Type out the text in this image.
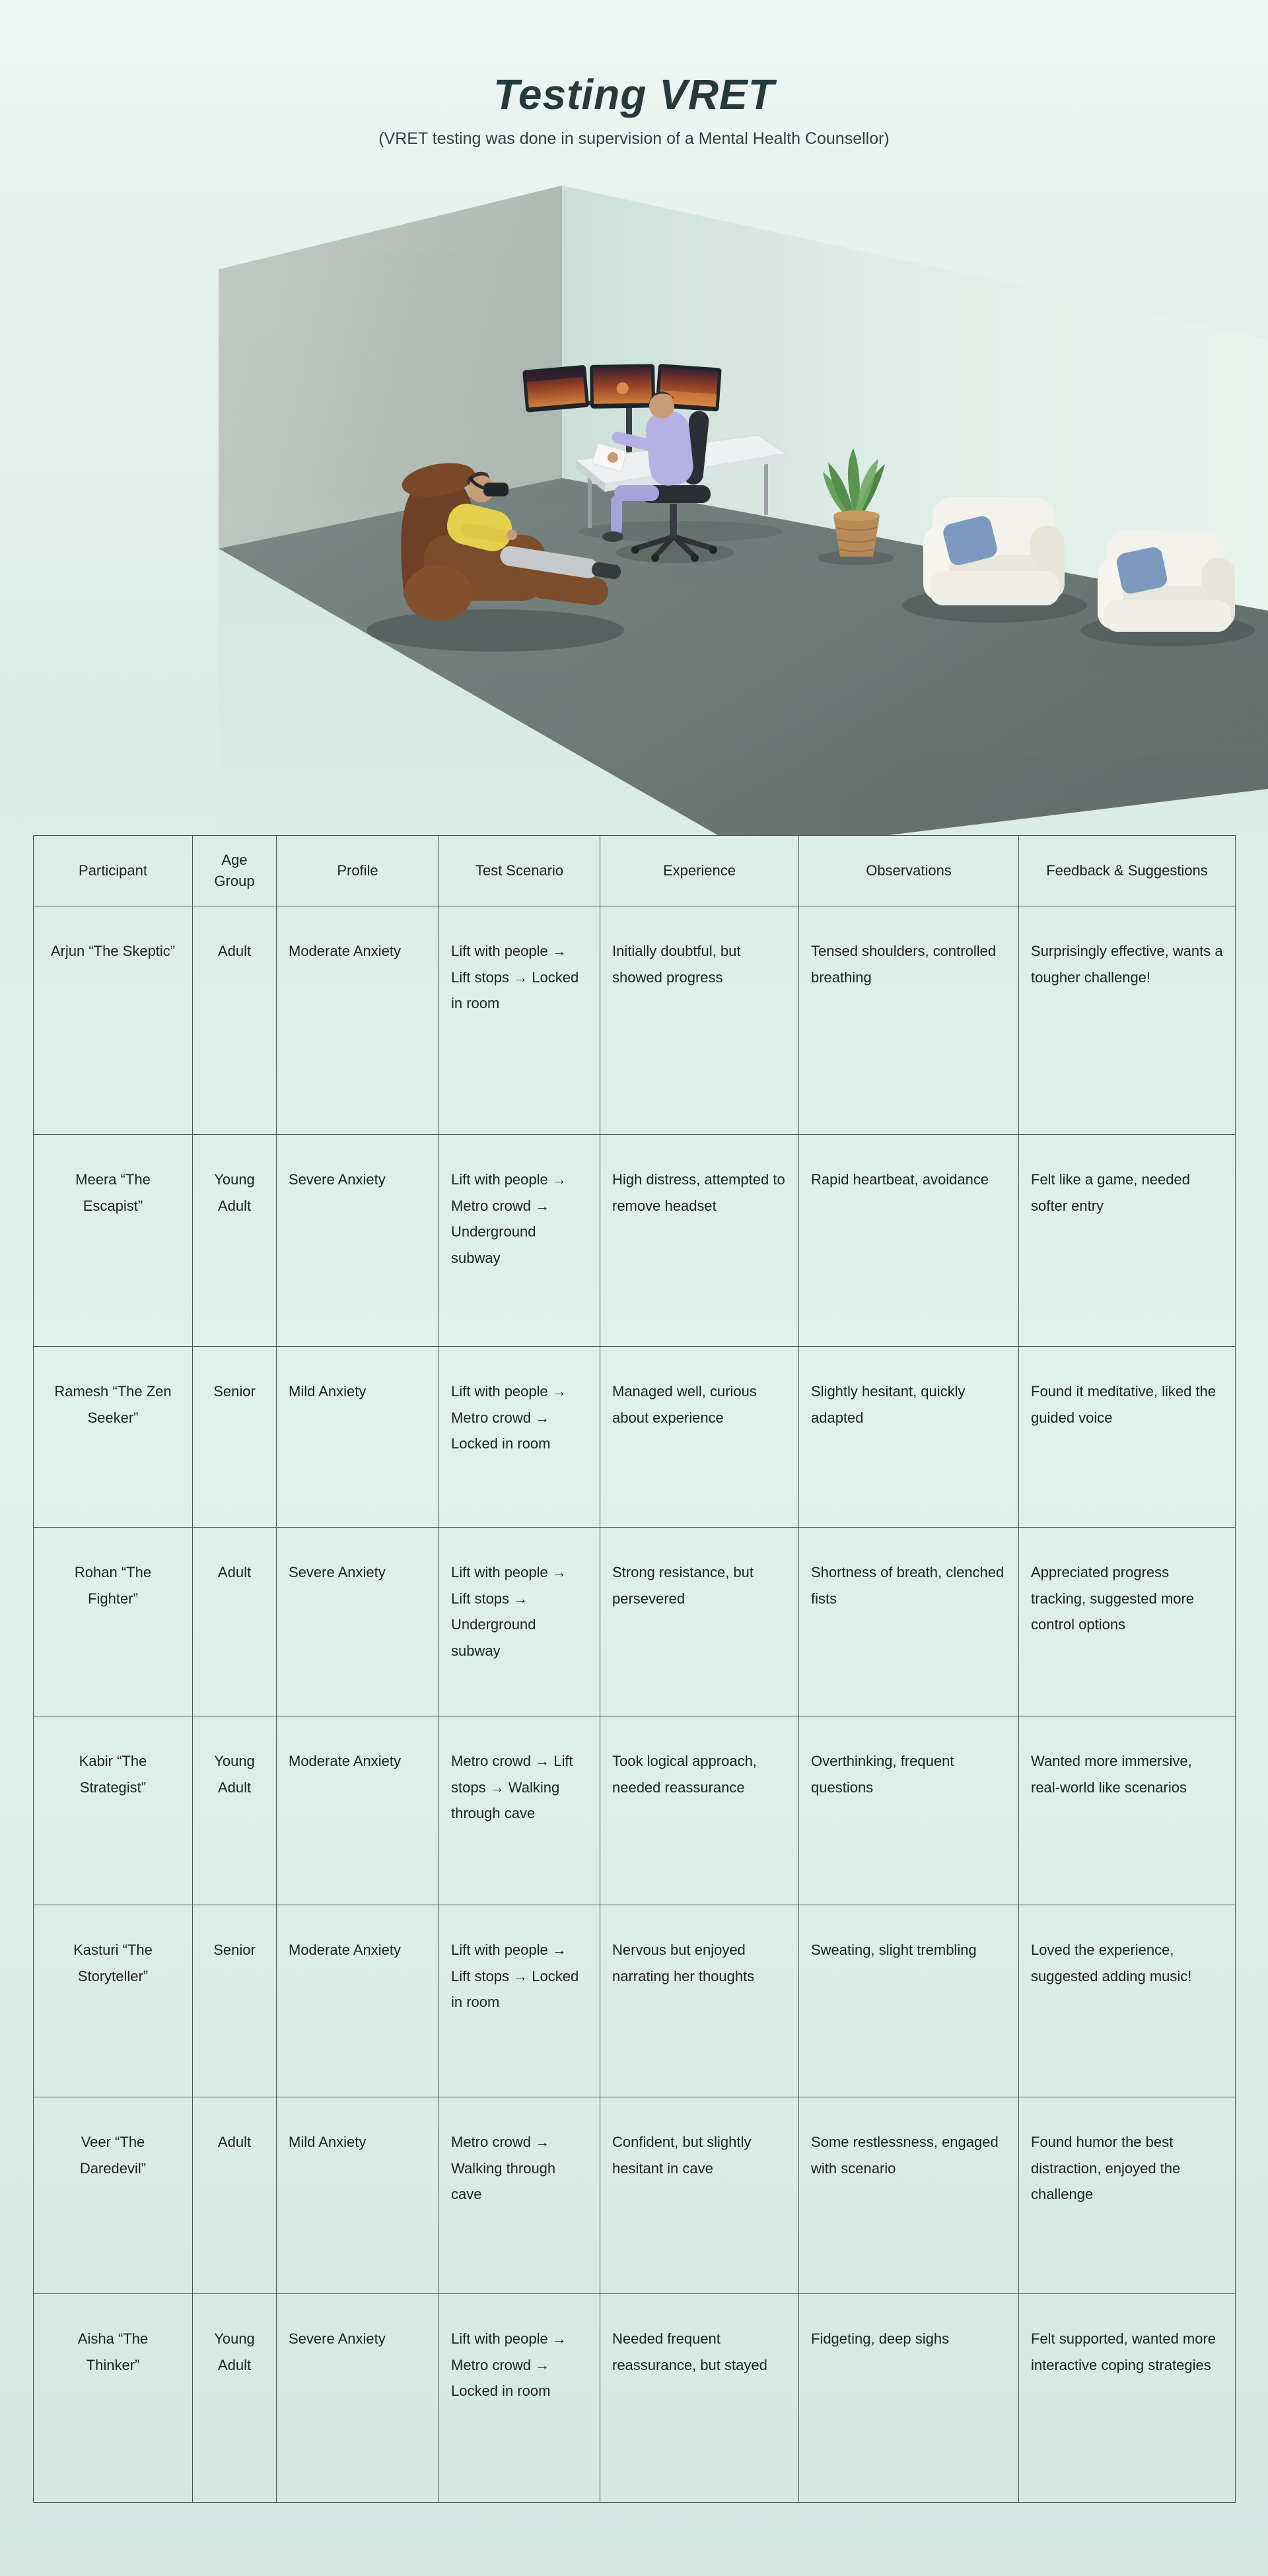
Testing VRET

(VRET testing was done in supervision of a Mental Health Counsellor)

Participant	Age Group	Profile	Test Scenario	Experience	Observations	Feedback & Suggestions
Arjun “The Skeptic”	Adult	Moderate Anxiety	Lift with people → Lift stops → Locked in room	Initially doubtful, but showed progress	Tensed shoulders, controlled breathing	Surprisingly effective, wants a tougher challenge!
Meera “The Escapist”	Young Adult	Severe Anxiety	Lift with people → Metro crowd → Underground subway	High distress, attempted to remove headset	Rapid heartbeat, avoidance	Felt like a game, needed softer entry
Ramesh “The Zen Seeker”	Senior	Mild Anxiety	Lift with people → Metro crowd → Locked in room	Managed well, curious about experience	Slightly hesitant, quickly adapted	Found it meditative, liked the guided voice
Rohan “The Fighter”	Adult	Severe Anxiety	Lift with people → Lift stops → Underground subway	Strong resistance, but persevered	Shortness of breath, clenched fists	Appreciated progress tracking, suggested more control options
Kabir “The Strategist”	Young Adult	Moderate Anxiety	Metro crowd → Lift stops → Walking through cave	Took logical approach, needed reassurance	Overthinking, frequent questions	Wanted more immersive, real-world like scenarios
Kasturi “The Storyteller”	Senior	Moderate Anxiety	Lift with people → Lift stops → Locked in room	Nervous but enjoyed narrating her thoughts	Sweating, slight trembling	Loved the experience, suggested adding music!
Veer “The Daredevil”	Adult	Mild Anxiety	Metro crowd → Walking through cave	Confident, but slightly hesitant in cave	Some restlessness, engaged with scenario	Found humor the best distraction, enjoyed the challenge
Aisha “The Thinker”	Young Adult	Severe Anxiety	Lift with people → Metro crowd → Locked in room	Needed frequent reassurance, but stayed	Fidgeting, deep sighs	Felt supported, wanted more interactive coping strategies
